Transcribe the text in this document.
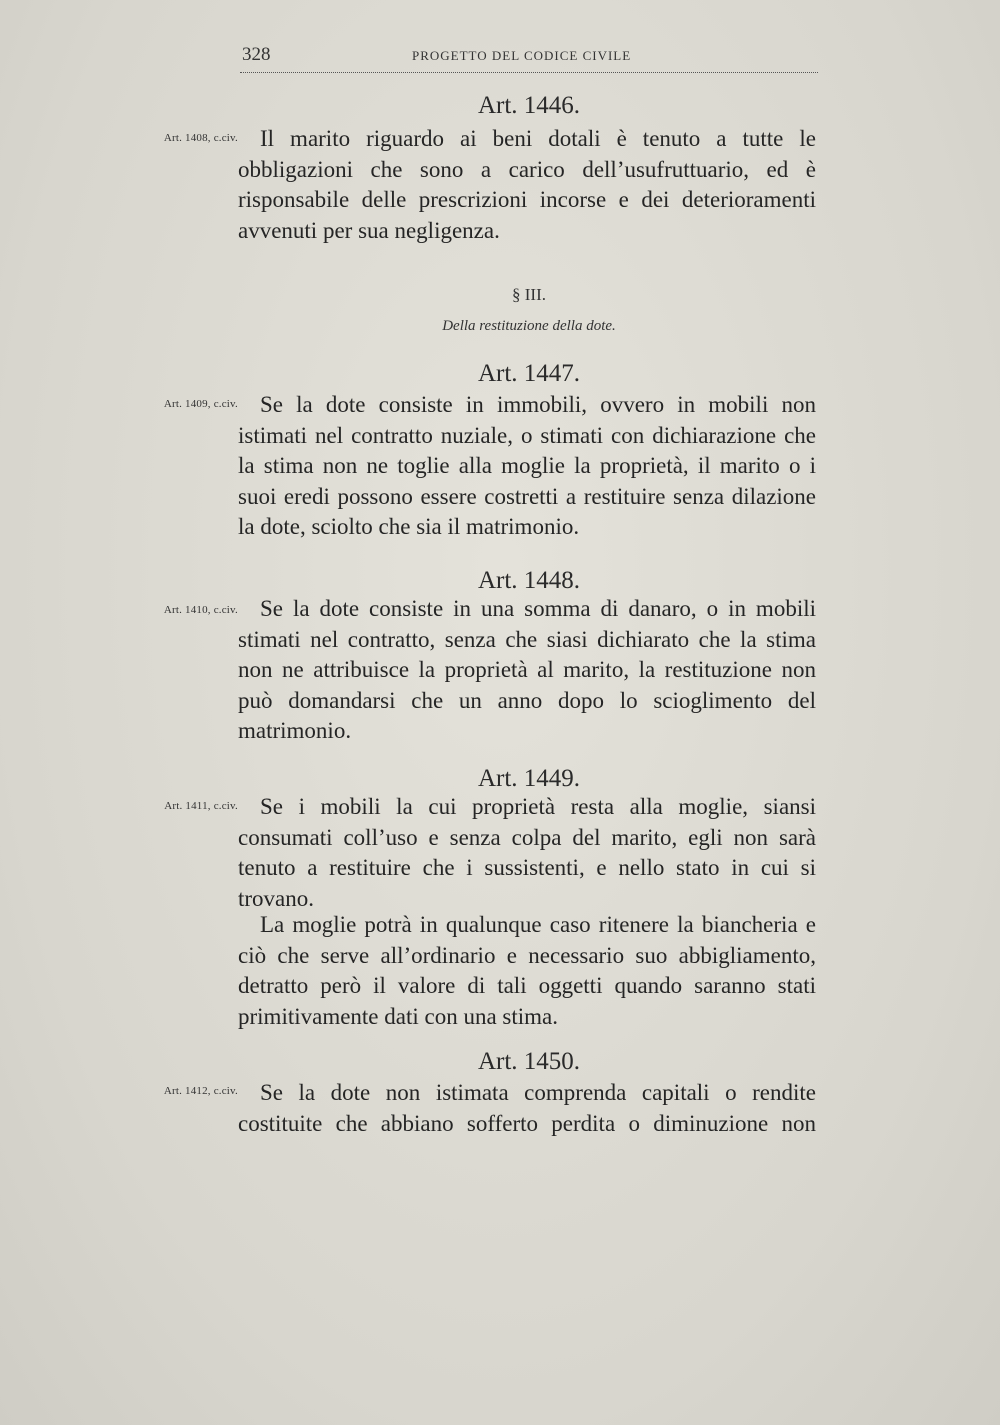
328	PROGETTO DEL CODICE CIVILE
Art. 1446.
Art. 1408, c.civ. Il marito riguardo ai beni dotali è tenuto a tutte le obbligazioni che sono a carico dell’usufruttuario, ed è risponsabile delle prescrizioni incorse e dei deterioramenti avvenuti per sua negligenza.

§ III.
Della restituzione della dote.
Art. 1447.
Art. 1409, c.civ. Se la dote consiste in immobili, ovvero in mobili non istimati nel contratto nuziale, o stimati con dichiarazione che la stima non ne toglie alla moglie la proprietà, il marito o i suoi eredi possono essere costretti a restituire senza dilazione la dote, sciolto che sia il matrimonio.

Art. 1448.
Art. 1410, c.civ. Se la dote consiste in una somma di danaro, o in mobili stimati nel contratto, senza che siasi dichiarato che la stima non ne attribuisce la proprietà al marito, la restituzione non può domandarsi che un anno dopo lo scioglimento del matrimonio.

Art. 1449.
Art. 1411, c.civ. Se i mobili la cui proprietà resta alla moglie, siansi consumati coll’uso e senza colpa del marito, egli non sarà tenuto a restituire che i sussistenti, e nello stato in cui si trovano.

La moglie potrà in qualunque caso ritenere la biancheria e ciò che serve all’ordinario e necessario suo abbigliamento, detratto però il valore di tali oggetti quando saranno stati primitivamente dati con una stima.

Art. 1450.
Art. 1412, c.civ. Se la dote non istimata comprenda capitali o rendite costituite che abbiano sofferto perdita o diminuzione non
